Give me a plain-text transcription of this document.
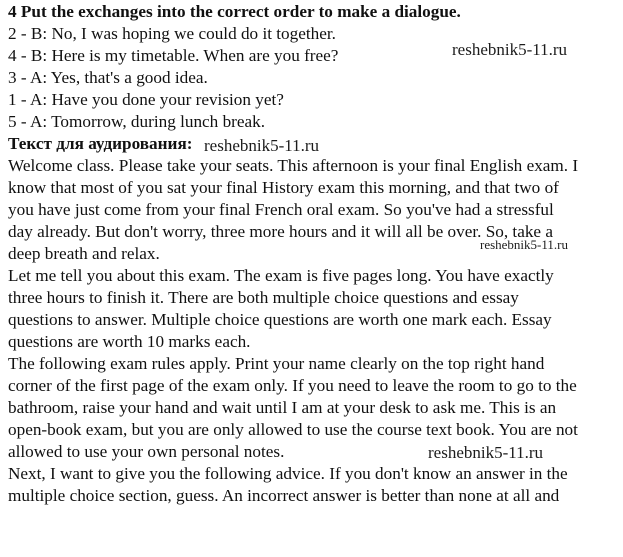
4 Put the exchanges into the correct order to make a dialogue.
2 - B: No, I was hoping we could do it together.
4 - B: Here is my timetable. When are you free?
3 - A: Yes, that's a good idea.
1 - A: Have you done your revision yet?
5 - A: Tomorrow, during lunch break.
Текст для аудирования:
Welcome class. Please take your seats. This afternoon is your final English exam. I
know that most of you sat your final History exam this morning, and that two of
you have just come from your final French oral exam. So you've had a stressful
day already. But don't worry, three more hours and it will all be over. So, take a
deep breath and relax.
Let me tell you about this exam. The exam is five pages long. You have exactly
three hours to finish it. There are both multiple choice questions and essay
questions to answer. Multiple choice questions are worth one mark each. Essay
questions are worth 10 marks each.
The following exam rules apply. Print your name clearly on the top right hand
corner of the first page of the exam only. If you need to leave the room to go to the
bathroom, raise your hand and wait until I am at your desk to ask me. This is an
open-book exam, but you are only allowed to use the course text book. You are not
allowed to use your own personal notes.
Next, I want to give you the following advice. If you don't know an answer in the
multiple choice section, guess. An incorrect answer is better than none at all and
reshebnik5-11.ru
reshebnik5-11.ru
reshebnik5-11.ru
reshebnik5-11.ru
